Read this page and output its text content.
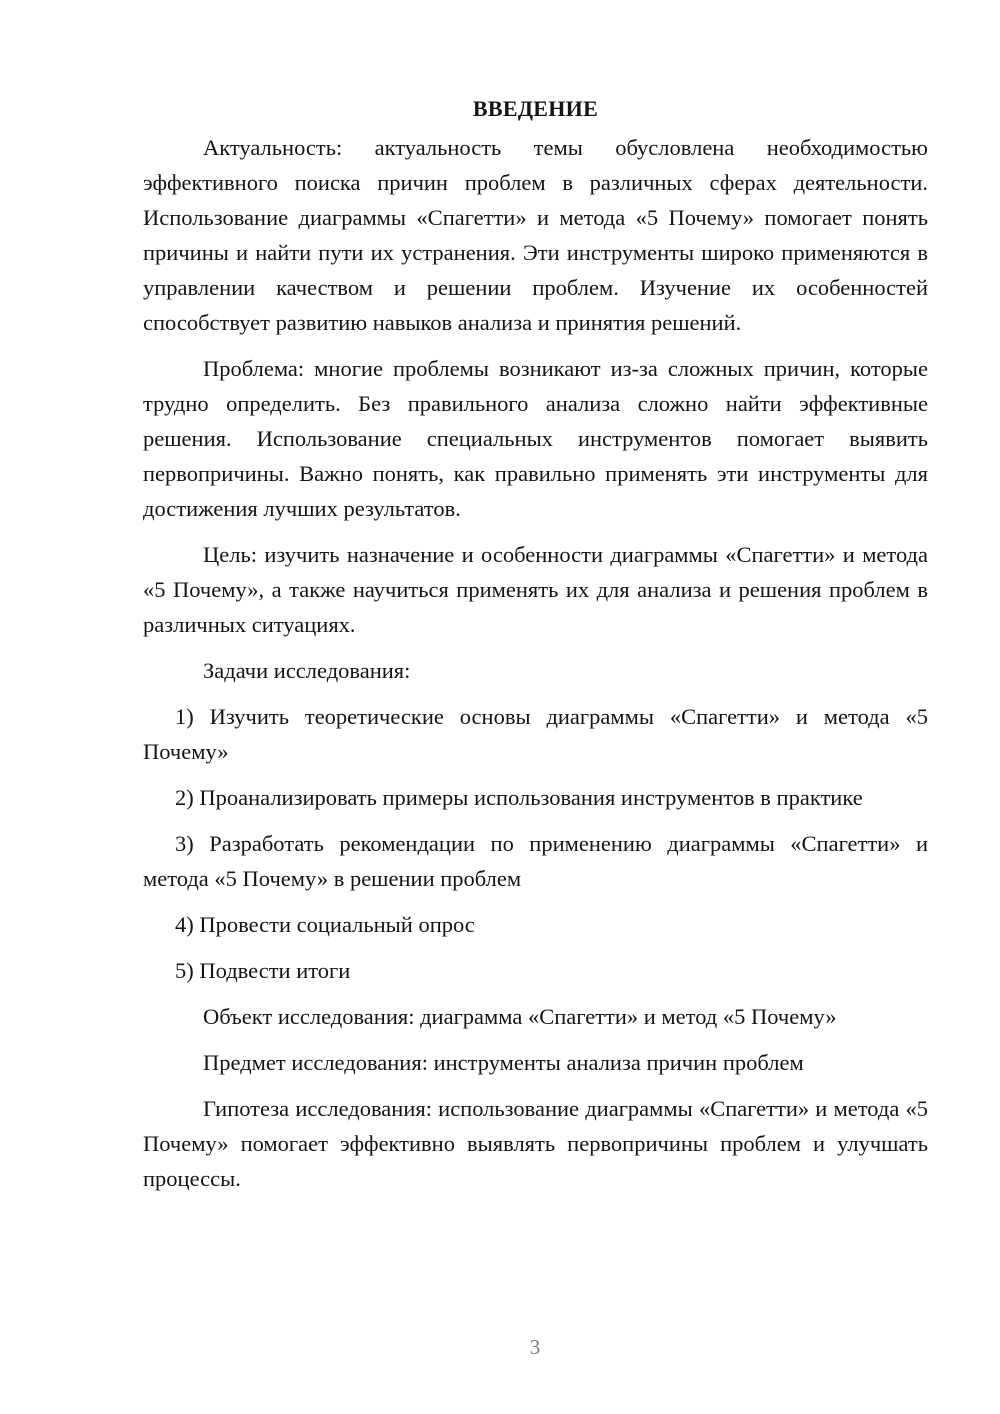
ВВЕДЕНИЕ

Актуальность: актуальность темы обусловлена необходимостью эффективного поиска причин проблем в различных сферах деятельности. Использование диаграммы «Спагетти» и метода «5 Почему» помогает понять причины и найти пути их устранения. Эти инструменты широко применяются в управлении качеством и решении проблем. Изучение их особенностей способствует развитию навыков анализа и принятия решений.

Проблема: многие проблемы возникают из-за сложных причин, которые трудно определить. Без правильного анализа сложно найти эффективные решения. Использование специальных инструментов помогает выявить первопричины. Важно понять, как правильно применять эти инструменты для достижения лучших результатов.

Цель: изучить назначение и особенности диаграммы «Спагетти» и метода «5 Почему», а также научиться применять их для анализа и решения проблем в различных ситуациях.

Задачи исследования:

1) Изучить теоретические основы диаграммы «Спагетти» и метода «5 Почему»

2) Проанализировать примеры использования инструментов в практике

3) Разработать рекомендации по применению диаграммы «Спагетти» и метода «5 Почему» в решении проблем

4) Провести социальный опрос

5) Подвести итоги

Объект исследования: диаграмма «Спагетти» и метод «5 Почему»

Предмет исследования: инструменты анализа причин проблем

Гипотеза исследования: использование диаграммы «Спагетти» и метода «5 Почему» помогает эффективно выявлять первопричины проблем и улучшать процессы.

3
